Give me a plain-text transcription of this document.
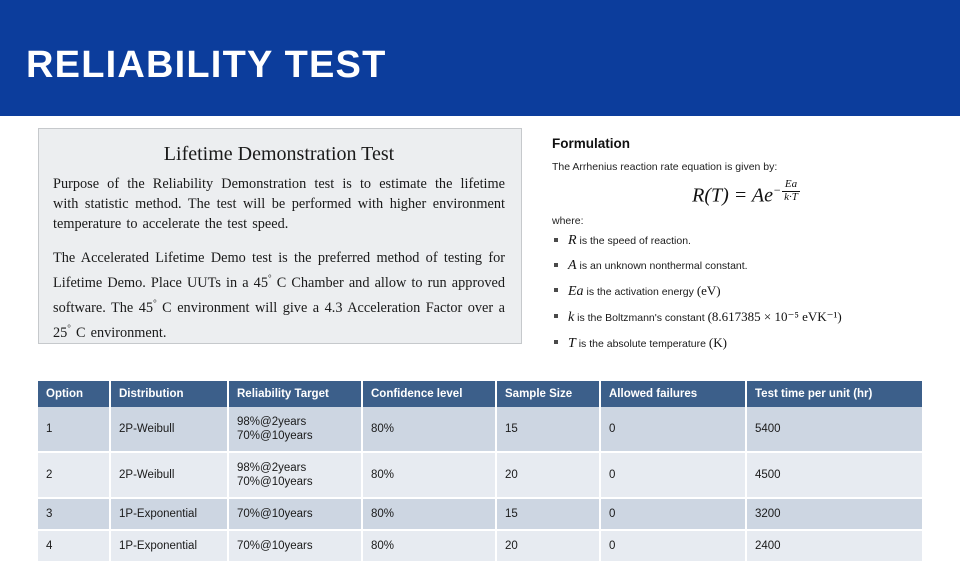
RELIABILITY TEST
Lifetime Demonstration Test

Purpose of the Reliability Demonstration test is to estimate the lifetime with statistic method. The test will be performed with higher environment temperature to accelerate the test speed.

The Accelerated Lifetime Demo test is the preferred method of testing for Lifetime Demo. Place UUTs in a 45° C Chamber and allow to run approved software. The 45° C environment will give a 4.3 Acceleration Factor over a 25° C environment.

Formulation
The Arrhenius reaction rate equation is given by:
$R(T) = Ae- \frac{Ea}{k\cdot T}$
where:
R is the speed of reaction.
A is an unknown nonthermal constant.
Ea is the activation energy (eV)
k is the Boltzmann's constant (8.617385 × 10⁻⁵ eVK⁻¹)
T is the absolute temperature (K)
Option	Distribution	Reliability Target	Confidence level	Sample Size	Allowed failures	Test time per unit (hr)
1	2P-Weibull	98%@2years
70%@10years	80%	15	0	5400
2	2P-Weibull	98%@2years
70%@10years	80%	20	0	4500
3	1P-Exponential	70%@10years	80%	15	0	3200
4	1P-Exponential	70%@10years	80%	20	0	2400
